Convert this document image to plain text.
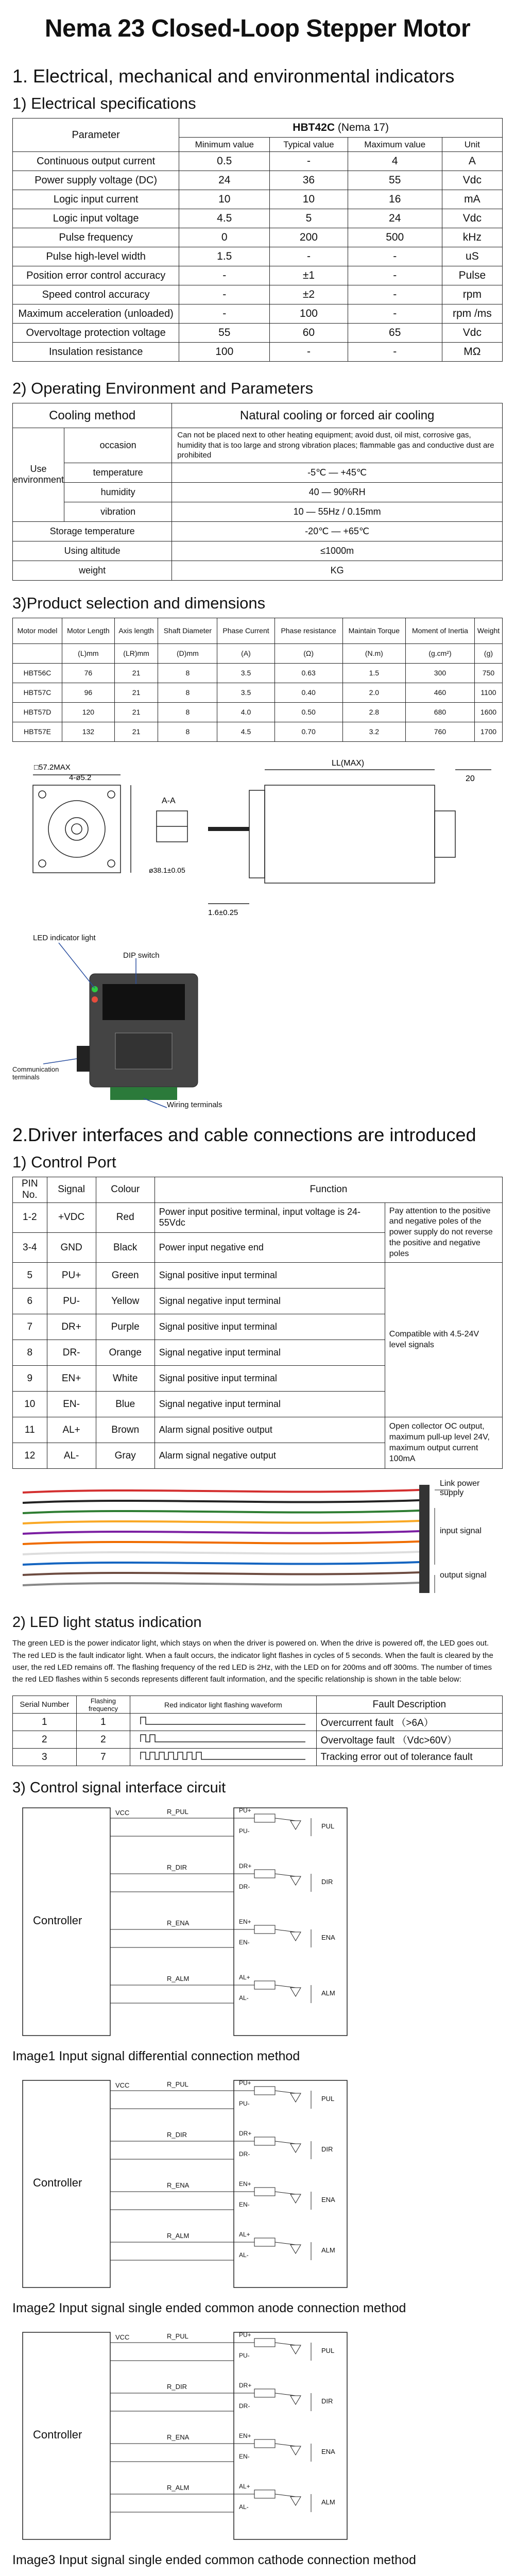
Nema 23 Closed-Loop Stepper Motor
1. Electrical, mechanical and environmental indicators
1) Electrical specifications
Parameter	HBT42C (Nema 17)			
	Minimum value	Typical value	Maximum value	Unit
Continuous output current	0.5	-	4	A
Power supply voltage (DC)	24	36	55	Vdc
Logic input current	10	10	16	mA
Logic input voltage	4.5	5	24	Vdc
Pulse frequency	0	200	500	kHz
Pulse high-level width	1.5	-	-	uS
Position error control accuracy	-	±1	-	Pulse
Speed control accuracy	-	±2	-	rpm
Maximum acceleration (unloaded)	-	100	-	rpm /ms
Overvoltage protection voltage	55	60	65	Vdc
Insulation resistance	100	-	-	MΩ
2) Operating Environment and Parameters
Cooling method		Natural cooling or forced air cooling
Use environment	occasion	Can not be placed next to other heating equipment; avoid dust, oil mist, corrosive gas, humidity that is too large and strong vibration places; flammable gas and conductive dust are prohibited
	temperature	-5℃ — +45℃
	humidity	40 — 90%RH
	vibration	10 — 55Hz / 0.15mm
Storage temperature		-20℃ — +65℃
Using altitude		≤1000m
weight		KG
3)Product selection and dimensions
Motor model	Motor Length	Axis length	Shaft Diameter	Phase Current	Phase resistance	Maintain Torque	Moment of Inertia	Weight
	(L)mm	(LR)mm	(D)mm	(A)	(Ω)	(N.m)	(g.cm²)	(g)
HBT56C	76	21	8	3.5	0.63	1.5	300	750
HBT57C	96	21	8	3.5	0.40	2.0	460	1100
HBT57D	120	21	8	4.0	0.50	2.8	680	1600
HBT57E	132	21	8	4.5	0.70	3.2	760	1700
□57.2MAX
4-ø5.2
A-A
LL(MAX)
20
1.6±0.25
ø38.1±0.05
LED indicator light
DIP switch
Communication terminals
Wiring terminals
2.Driver interfaces and cable connections are introduced
1) Control Port
PIN No.	Signal	Colour	Function	
1-2	+VDC	Red	Power input positive terminal, input voltage is 24-55Vdc	Pay attention to the positive and negative poles of the power supply do not reverse the positive and negative poles
3-4	GND	Black	Power input negative end	
5	PU+	Green	Signal positive input terminal	Compatible with 4.5-24V level signals
6	PU-	Yellow	Signal negative input terminal	
7	DR+	Purple	Signal positive input terminal	
8	DR-	Orange	Signal negative input terminal	
9	EN+	White	Signal positive input terminal	
10	EN-	Blue	Signal negative input terminal	
11	AL+	Brown	Alarm signal positive output	Open collector OC output, maximum pull-up level 24V, maximum output current 100mA
12	AL-	Gray	Alarm signal negative output	
Link power supply
input signal
output signal
2) LED light status indication
The green LED is the power indicator light, which stays on when the driver is powered on. When the drive is powered off, the LED goes out. The red LED is the fault indicator light. When a fault occurs, the indicator light flashes in cycles of 5 seconds. When the fault is cleared by the user, the red LED remains off. The flashing frequency of the red LED is 2Hz, with the LED on for 200ms and off 300ms. The number of times the red LED flashes within 5 seconds represents different fault information, and the specific relationship is shown in the table below:
Serial Number	Flashing frequency	Red indicator light flashing waveform	Fault Description
1	1		Overcurrent fault （>6A）
2	2		Overvoltage fault （Vdc>60V）
3	7		Tracking error out of tolerance fault
3) Control signal interface circuit
Controller
PU+
PU-
R_PUL
PUL
DR+
DR-
R_DIR
DIR
EN+
EN-
R_ENA
ENA
AL+
AL-
R_ALM
ALM
VCC
Image1 Input signal differential connection method
Controller
PU+
PU-
R_PUL
PUL
DR+
DR-
R_DIR
DIR
EN+
EN-
R_ENA
ENA
AL+
AL-
R_ALM
ALM
VCC
Image2 Input signal single ended common anode connection method
Controller
PU+
PU-
R_PUL
PUL
DR+
DR-
R_DIR
DIR
EN+
EN-
R_ENA
ENA
AL+
AL-
R_ALM
ALM
VCC
Image3 Input signal single ended common cathode connection method
